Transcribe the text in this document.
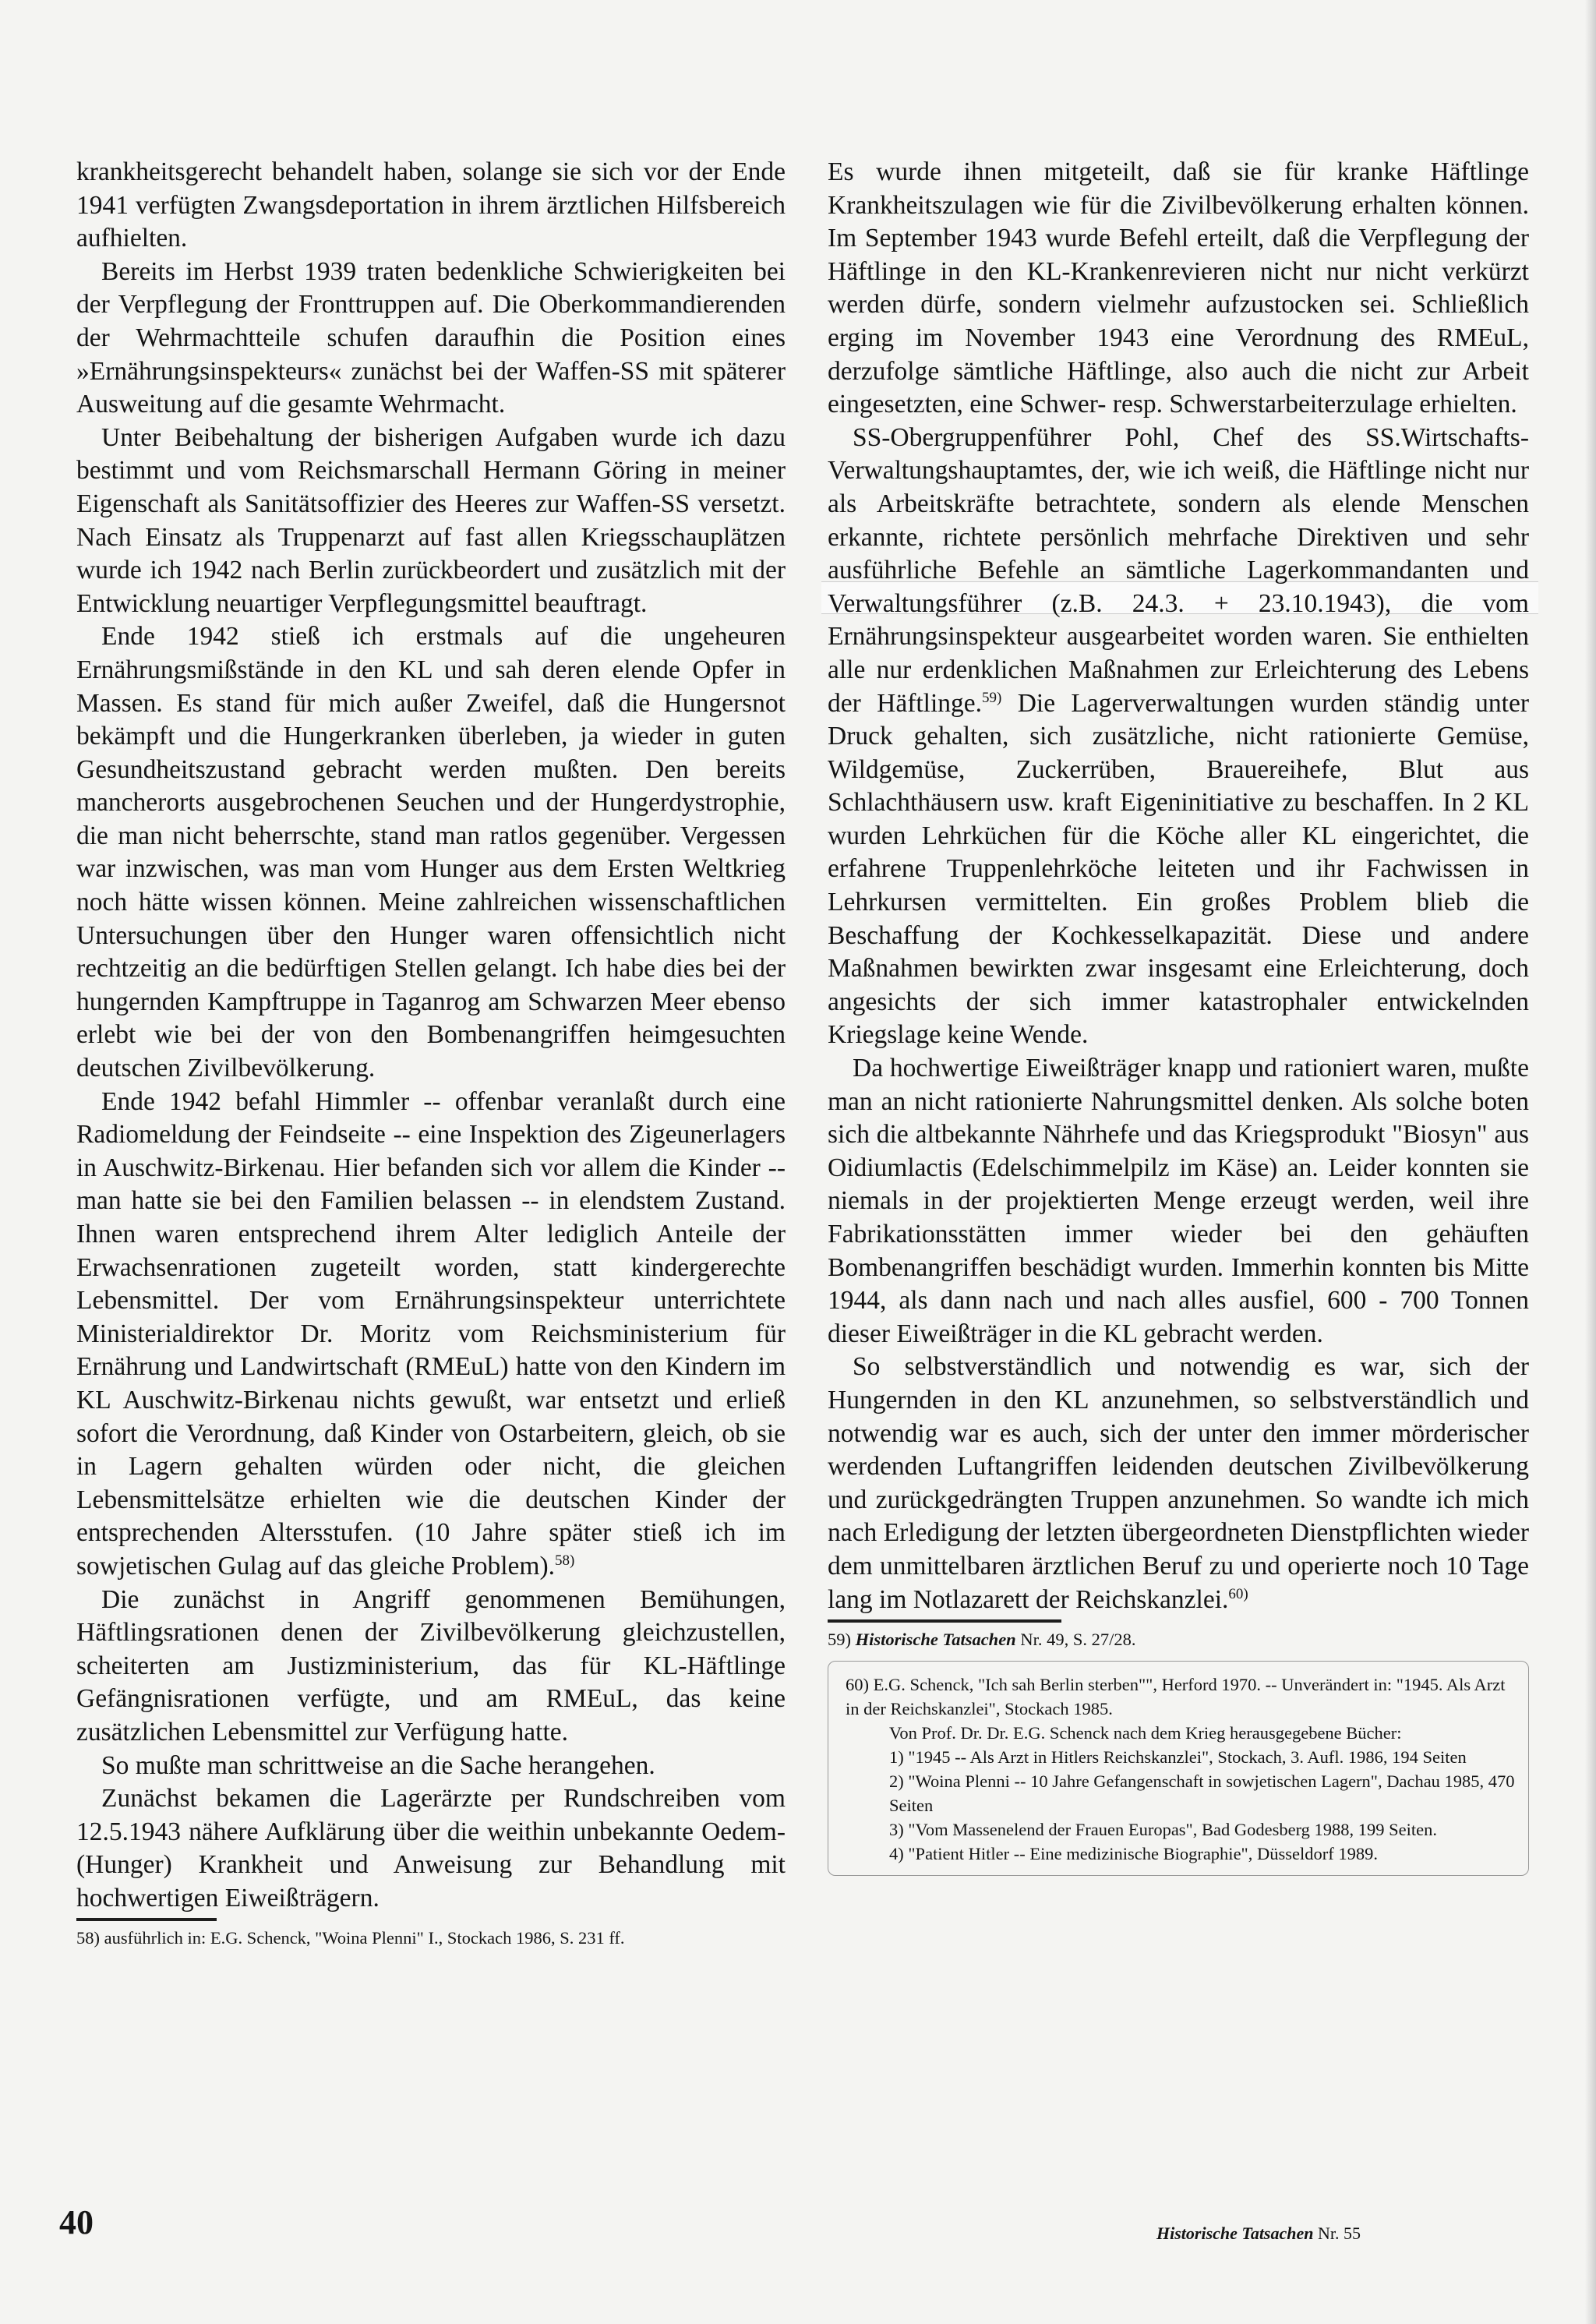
krankheitsgerecht behandelt haben, solange sie sich vor der Ende 1941 verfügten Zwangsdeportation in ihrem ärztlichen Hilfsbereich aufhielten.

Bereits im Herbst 1939 traten bedenkliche Schwierigkeiten bei der Verpflegung der Fronttruppen auf. Die Oberkommandierenden der Wehrmachtteile schufen daraufhin die Position eines »Ernährungsinspekteurs« zunächst bei der Waffen-SS mit späterer Ausweitung auf die gesamte Wehrmacht.

Unter Beibehaltung der bisherigen Aufgaben wurde ich dazu bestimmt und vom Reichsmarschall Hermann Göring in meiner Eigenschaft als Sanitätsoffizier des Heeres zur Waffen-SS versetzt. Nach Einsatz als Truppenarzt auf fast allen Kriegsschauplätzen wurde ich 1942 nach Berlin zurückbeordert und zusätzlich mit der Entwicklung neuartiger Verpflegungsmittel beauftragt.

Ende 1942 stieß ich erstmals auf die ungeheuren Ernährungsmißstände in den KL und sah deren elende Opfer in Massen. Es stand für mich außer Zweifel, daß die Hungersnot bekämpft und die Hungerkranken überleben, ja wieder in guten Gesundheitszustand gebracht werden mußten. Den bereits mancherorts ausgebrochenen Seuchen und der Hungerdystrophie, die man nicht beherrschte, stand man ratlos gegenüber. Vergessen war inzwischen, was man vom Hunger aus dem Ersten Weltkrieg noch hätte wissen können. Meine zahlreichen wissenschaftlichen Untersuchungen über den Hunger waren offensichtlich nicht rechtzeitig an die bedürftigen Stellen gelangt. Ich habe dies bei der hungernden Kampftruppe in Taganrog am Schwarzen Meer ebenso erlebt wie bei der von den Bombenangriffen heimgesuchten deutschen Zivilbevölkerung.

Ende 1942 befahl Himmler -- offenbar veranlaßt durch eine Radiomeldung der Feindseite -- eine Inspektion des Zigeunerlagers in Auschwitz-Birkenau. Hier befanden sich vor allem die Kinder -- man hatte sie bei den Familien belassen -- in elendstem Zustand. Ihnen waren entsprechend ihrem Alter lediglich Anteile der Erwachsenrationen zugeteilt worden, statt kindergerechte Lebensmittel. Der vom Ernährungsinspekteur unterrichtete Ministerialdirektor Dr. Moritz vom Reichsministerium für Ernährung und Landwirtschaft (RMEuL) hatte von den Kindern im KL Auschwitz-Birkenau nichts gewußt, war entsetzt und erließ sofort die Verordnung, daß Kinder von Ostarbeitern, gleich, ob sie in Lagern gehalten würden oder nicht, die gleichen Lebensmittelsätze erhielten wie die deutschen Kinder der entsprechenden Altersstufen. (10 Jahre später stieß ich im sowjetischen Gulag auf das gleiche Problem).$^{58)}$

Die zunächst in Angriff genommenen Bemühungen, Häftlingsrationen denen der Zivilbevölkerung gleichzustellen, scheiterten am Justizministerium, das für KL-Häftlinge Gefängnisrationen verfügte, und am RMEuL, das keine zusätzlichen Lebensmittel zur Verfügung hatte.

So mußte man schrittweise an die Sache herangehen.

Zunächst bekamen die Lagerärzte per Rundschreiben vom 12.5.1943 nähere Aufklärung über die weithin unbekannte Oedem- (Hunger) Krankheit und Anweisung zur Behandlung mit hochwertigen Eiweißträgern.

58) ausführlich in: E.G. Schenck, "Woina Plenni" I., Stockach 1986, S. 231 ff.

Es wurde ihnen mitgeteilt, daß sie für kranke Häftlinge Krankheitszulagen wie für die Zivilbevölkerung erhalten können. Im September 1943 wurde Befehl erteilt, daß die Verpflegung der Häftlinge in den KL-Krankenrevieren nicht nur nicht verkürzt werden dürfe, sondern vielmehr aufzustocken sei. Schließlich erging im November 1943 eine Verordnung des RMEuL, derzufolge sämtliche Häftlinge, also auch die nicht zur Arbeit eingesetzten, eine Schwer- resp. Schwerstarbeiterzulage erhielten.

SS-Obergruppenführer Pohl, Chef des SS.Wirtschafts-Verwaltungshauptamtes, der, wie ich weiß, die Häftlinge nicht nur als Arbeitskräfte betrachtete, sondern als elende Menschen erkannte, richtete persönlich mehrfache Direktiven und sehr ausführliche Befehle an sämtliche Lagerkommandanten und Verwaltungsführer (z.B. 24.3. + 23.10.1943), die vom Ernährungsinspekteur ausgearbeitet worden waren. Sie enthielten alle nur erdenklichen Maßnahmen zur Erleichterung des Lebens der Häftlinge.$^{59)}$ Die Lagerverwaltungen wurden ständig unter Druck gehalten, sich zusätzliche, nicht rationierte Gemüse, Wildgemüse, Zuckerrüben, Brauereihefe, Blut aus Schlachthäusern usw. kraft Eigeninitiative zu beschaffen. In 2 KL wurden Lehrküchen für die Köche aller KL eingerichtet, die erfahrene Truppenlehrköche leiteten und ihr Fachwissen in Lehrkursen vermittelten. Ein großes Problem blieb die Beschaffung der Kochkesselkapazität. Diese und andere Maßnahmen bewirkten zwar insgesamt eine Erleichterung, doch angesichts der sich immer katastrophaler entwickelnden Kriegslage keine Wende.

Da hochwertige Eiweißträger knapp und rationiert waren, mußte man an nicht rationierte Nahrungsmittel denken. Als solche boten sich die altbekannte Nährhefe und das Kriegsprodukt "Biosyn" aus Oidiumlactis (Edelschimmelpilz im Käse) an. Leider konnten sie niemals in der projektierten Menge erzeugt werden, weil ihre Fabrikationsstätten immer wieder bei den gehäuften Bombenangriffen beschädigt wurden. Immerhin konnten bis Mitte 1944, als dann nach und nach alles ausfiel, 600 - 700 Tonnen dieser Eiweißträger in die KL gebracht werden.

So selbstverständlich und notwendig es war, sich der Hungernden in den KL anzunehmen, so selbstverständlich und notwendig war es auch, sich der unter den immer mörderischer werdenden Luftangriffen leidenden deutschen Zivilbevölkerung und zurückgedrängten Truppen anzunehmen. So wandte ich mich nach Erledigung der letzten übergeordneten Dienstpflichten wieder dem unmittelbaren ärztlichen Beruf zu und operierte noch 10 Tage lang im Notlazarett der Reichskanzlei.$^{60)}$

59) Historische Tatsachen Nr. 49, S. 27/28.

60) E.G. Schenck, "Ich sah Berlin sterben"", Herford 1970. -- Unverändert in: "1945. Als Arzt in der Reichskanzlei", Stockach 1985.
Von Prof. Dr. Dr. E.G. Schenck nach dem Krieg herausgegebene Bücher:
1) "1945 -- Als Arzt in Hitlers Reichskanzlei", Stockach, 3. Aufl. 1986, 194 Seiten
2) "Woina Plenni -- 10 Jahre Gefangenschaft in sowjetischen Lagern", Dachau 1985, 470 Seiten
3) "Vom Massenelend der Frauen Europas", Bad Godesberg 1988, 199 Seiten.
4) "Patient Hitler -- Eine medizinische Biographie", Düsseldorf 1989.
40	Historische Tatsachen Nr. 55
